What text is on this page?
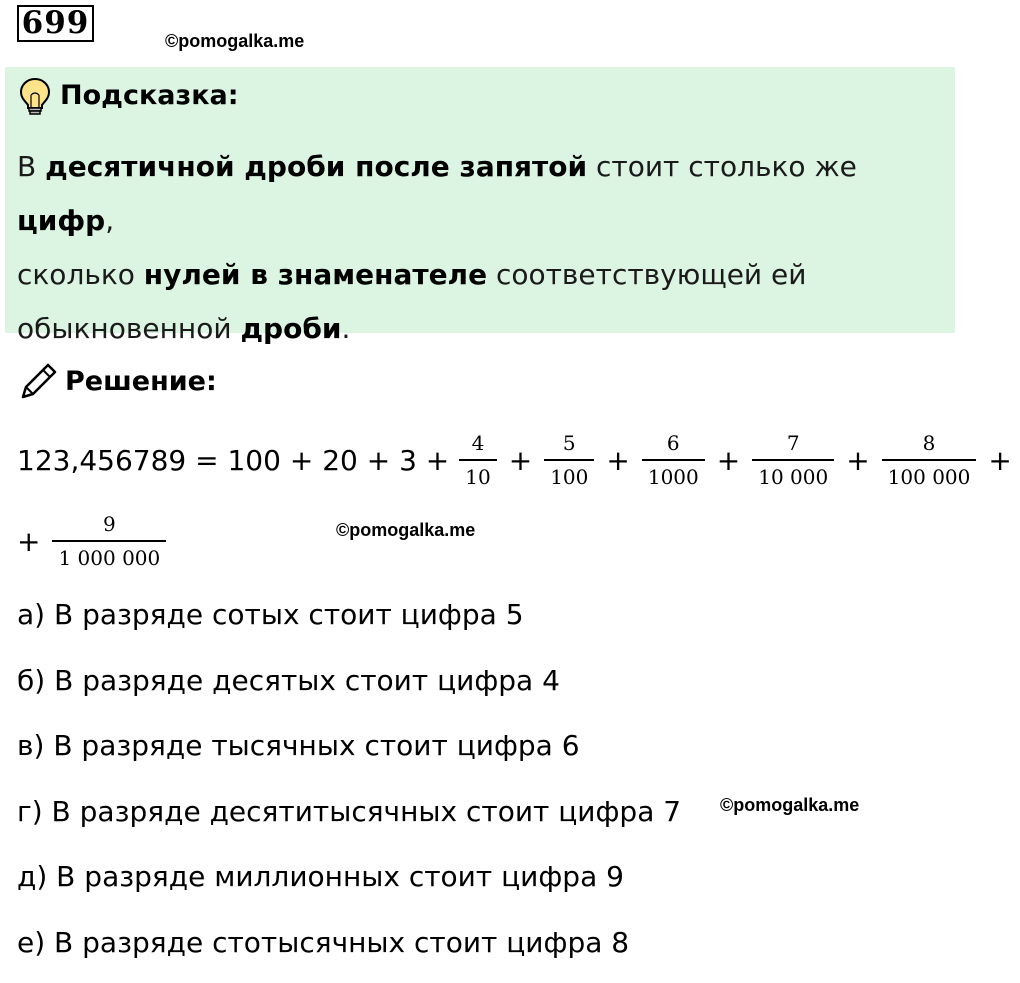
699	©pomogalka.me
Подсказка:
В десятичной дроби после запятой стоит столько же цифр,
сколько нулей в знаменателе соответствующей ей
обыкновенной дроби.
Решение:
$123,456789 = 100 + 20 + 3 + \frac{4}{10} + \frac{5}{100} + \frac{6}{1000} + \frac{7}{10 000} + \frac{8}{100 000}$ +
+ $\frac{9}{1 000 000}$	©pomogalka.me
а) В разряде сотых стоит цифра 5
б) В разряде десятых стоит цифра 4
в) В разряде тысячных стоит цифра 6
г) В разряде десятитысячных стоит цифра 7
д) В разряде миллионных стоит цифра 9
е) В разряде стотысячных стоит цифра 8
©pomogalka.me
